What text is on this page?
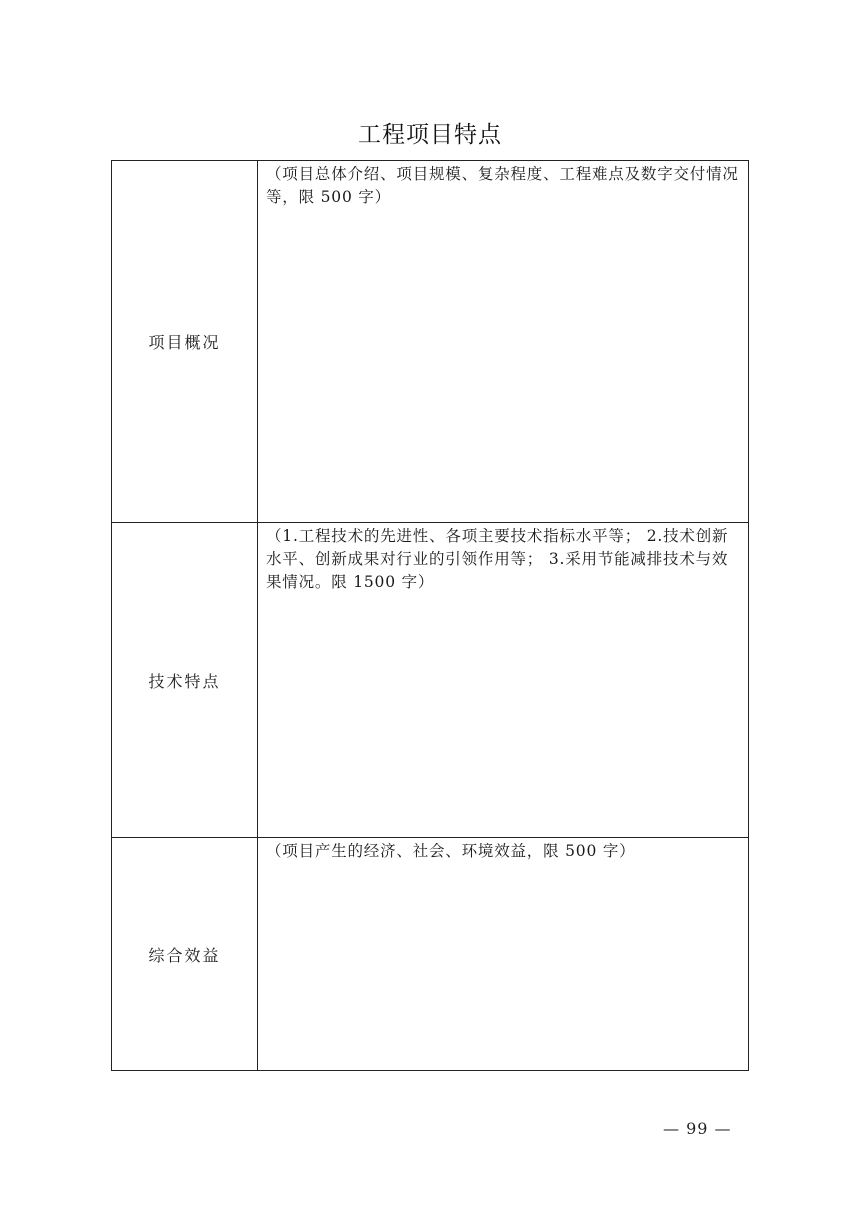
工程项目特点
项目概况	（项目总体介绍、项目规模、复杂程度、工程难点及数字交付情况等，限 500 字）

技术特点	（1.工程技术的先进性、各项主要技术指标水平等； 2.技术创新水平、创新成果对行业的引领作用等； 3.采用节能减排技术与效果情况。限 1500 字）

综合效益	（项目产生的经济、社会、环境效益，限 500 字）
— 99 —
